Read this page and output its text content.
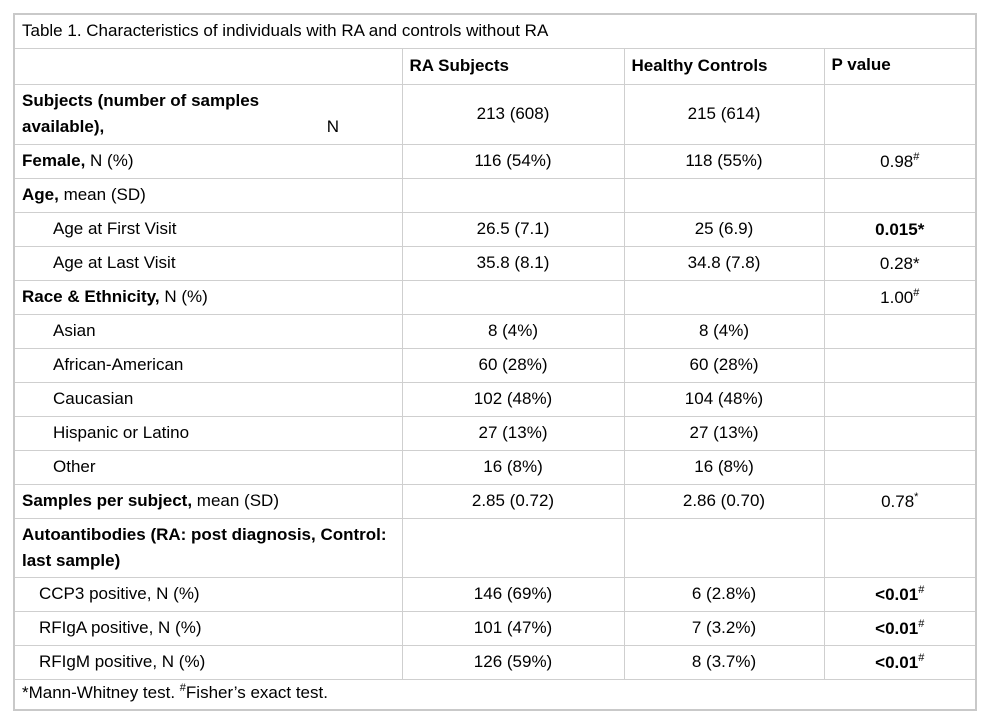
Table 1. Characteristics of individuals with RA and controls without RA			
	RA Subjects	Healthy Controls	P value
Subjects (number of samples available), N	213 (608)	215 (614)	
Female, N (%)	116 (54%)	118 (55%)	0.98#
Age, mean (SD)			
Age at First Visit	26.5 (7.1)	25 (6.9)	0.015*
Age at Last Visit	35.8 (8.1)	34.8 (7.8)	0.28*
Race & Ethnicity, N (%)			1.00#
Asian	8 (4%)	8 (4%)	
African-American	60 (28%)	60 (28%)	
Caucasian	102 (48%)	104 (48%)	
Hispanic or Latino	27 (13%)	27 (13%)	
Other	16 (8%)	16 (8%)	
Samples per subject, mean (SD)	2.85 (0.72)	2.86 (0.70)	0.78*
Autoantibodies (RA: post diagnosis, Control: last sample)			
CCP3 positive, N (%)	146 (69%)	6 (2.8%)	<0.01#
RFIgA positive, N (%)	101 (47%)	7 (3.2%)	<0.01#
RFIgM positive, N (%)	126 (59%)	8 (3.7%)	<0.01#
*Mann-Whitney test. #Fisher’s exact test.			
